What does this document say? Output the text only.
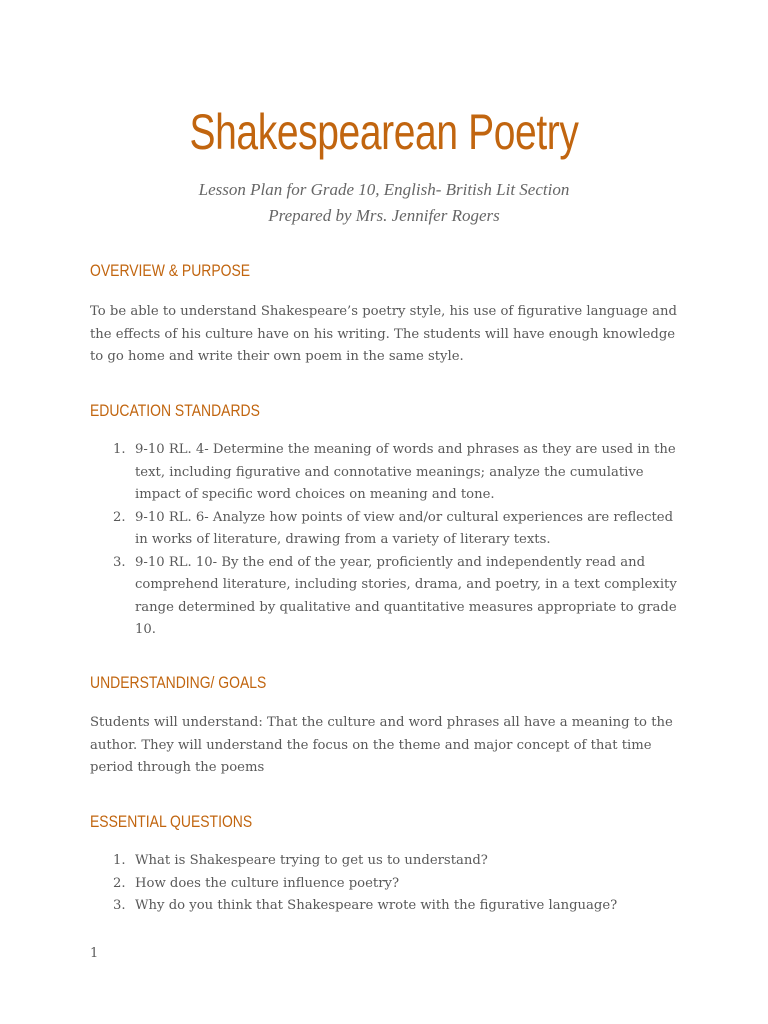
Shakespearean Poetry
Lesson Plan for Grade 10, English- British Lit Section
Prepared by Mrs. Jennifer Rogers
OVERVIEW & PURPOSE

To be able to understand Shakespeare’s poetry style, his use of figurative language and the effects of his culture have on his writing. The students will have enough knowledge to go home and write their own poem in the same style.

EDUCATION STANDARDS
1. 9-10 RL. 4- Determine the meaning of words and phrases as they are used in the text, including figurative and connotative meanings; analyze the cumulative impact of specific word choices on meaning and tone.
2. 9-10 RL. 6- Analyze how points of view and/or cultural experiences are reflected in works of literature, drawing from a variety of literary texts.
3. 9-10 RL. 10- By the end of the year, proficiently and independently read and comprehend literature, including stories, drama, and poetry, in a text complexity range determined by qualitative and quantitative measures appropriate to grade 10.
UNDERSTANDING/ GOALS

Students will understand: That the culture and word phrases all have a meaning to the author. They will understand the focus on the theme and major concept of that time period through the poems

ESSENTIAL QUESTIONS
1. What is Shakespeare trying to get us to understand?
2. How does the culture influence poetry?
3. Why do you think that Shakespeare wrote with the figurative language?
1
